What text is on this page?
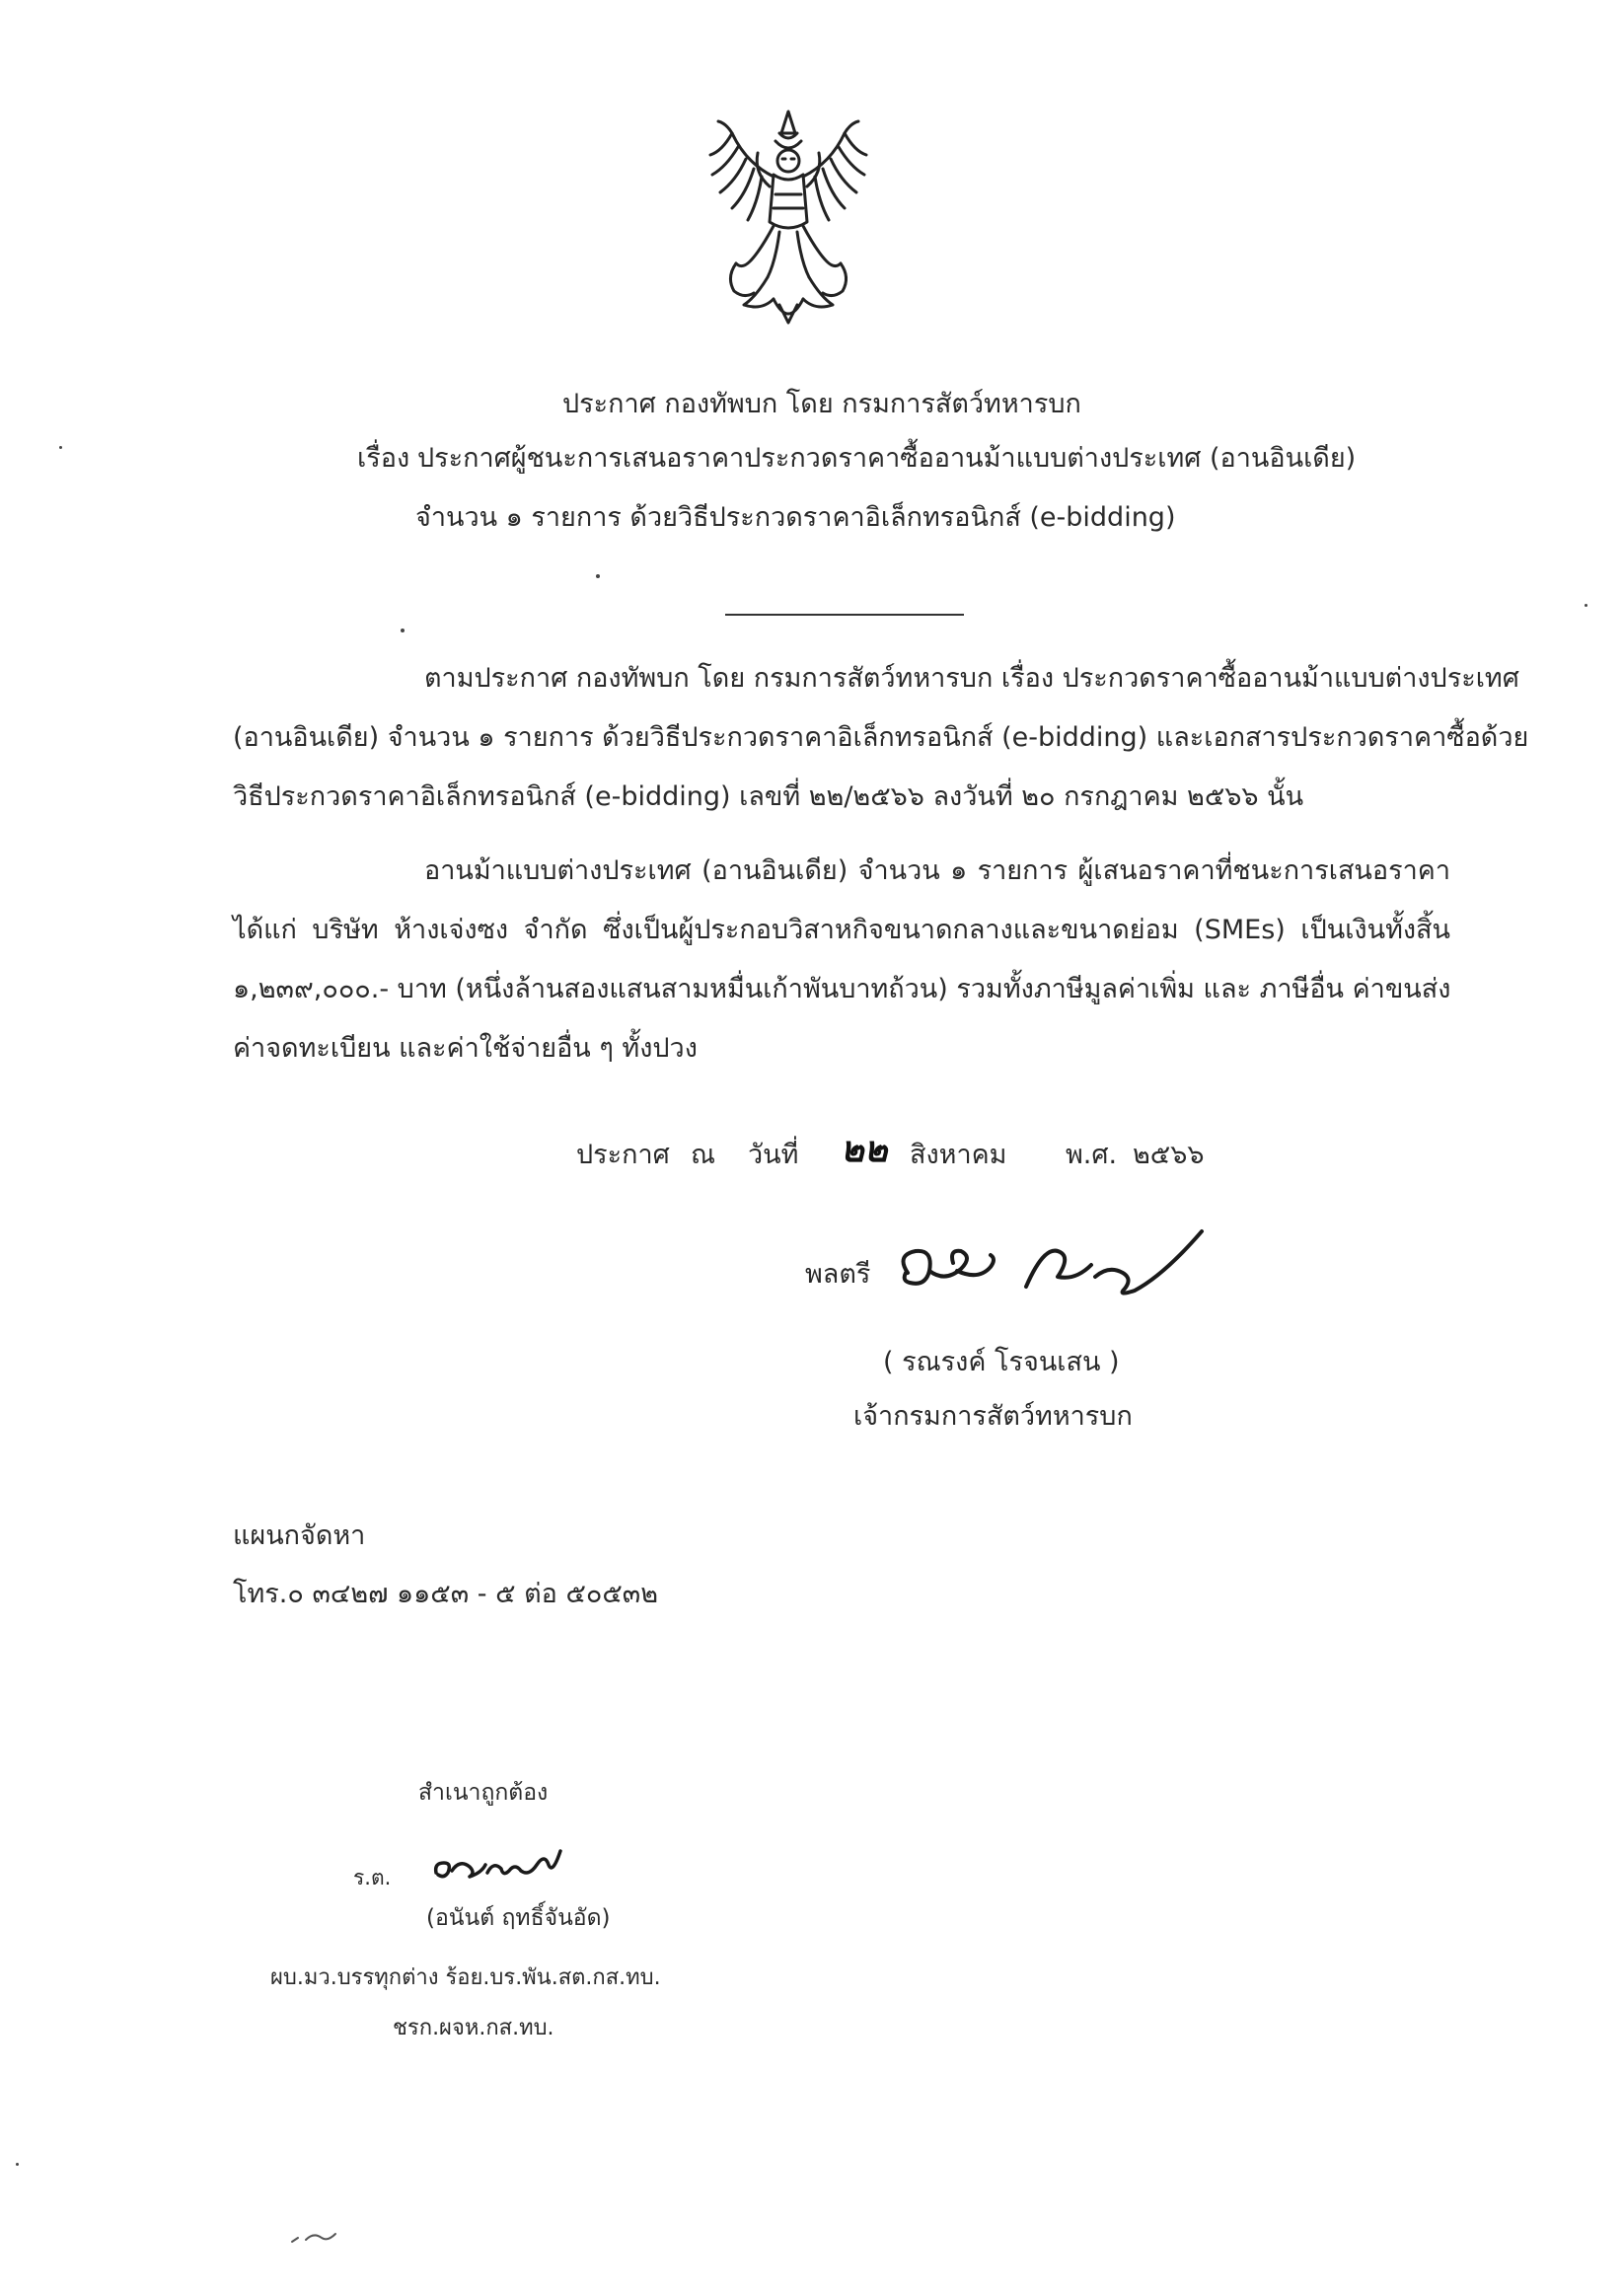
ประกาศ กองทัพบก โดย กรมการสัตว์ทหารบก
เรื่อง ประกาศผู้ชนะการเสนอราคาประกวดราคาซื้ออานม้าแบบต่างประเทศ (อานอินเดีย)
จำนวน ๑ รายการ ด้วยวิธีประกวดราคาอิเล็กทรอนิกส์ (e-bidding)
ตามประกาศ กองทัพบก โดย กรมการสัตว์ทหารบก เรื่อง ประกวดราคาซื้ออานม้าแบบต่างประเทศ
(อานอินเดีย) จำนวน ๑ รายการ ด้วยวิธีประกวดราคาอิเล็กทรอนิกส์ (e-bidding) และเอกสารประกวดราคาซื้อด้วย
วิธีประกวดราคาอิเล็กทรอนิกส์ (e-bidding) เลขที่ ๒๒/๒๕๖๖ ลงวันที่ ๒๐ กรกฎาคม ๒๕๖๖ นั้น
อานม้าแบบต่างประเทศ (อานอินเดีย) จำนวน ๑ รายการ ผู้เสนอราคาที่ชนะการเสนอราคา
ได้แก่ บริษัท ห้างเจ่งซง จำกัด ซึ่งเป็นผู้ประกอบวิสาหกิจขนาดกลางและขนาดย่อม (SMEs) เป็นเงินทั้งสิ้น
๑,๒๓๙,๐๐๐.- บาท (หนึ่งล้านสองแสนสามหมื่นเก้าพันบาทถ้วน) รวมทั้งภาษีมูลค่าเพิ่ม และ ภาษีอื่น ค่าขนส่ง
ค่าจดทะเบียน และค่าใช้จ่ายอื่น ๆ ทั้งปวง
ประกาศ ณ วันที่ ๒๒ สิงหาคม พ.ศ. ๒๕๖๖
พลตรี
( รณรงค์ โรจนเสน )
เจ้ากรมการสัตว์ทหารบก
แผนกจัดหา
โทร.๐ ๓๔๒๗ ๑๑๕๓ - ๕ ต่อ ๕๐๕๓๒
สำเนาถูกต้อง
ร.ต.
(อนันต์ ฤทธิ์จันอัด)
ผบ.มว.บรรทุกต่าง ร้อย.บร.พัน.สต.กส.ทบ.
ชรก.ผจห.กส.ทบ.
